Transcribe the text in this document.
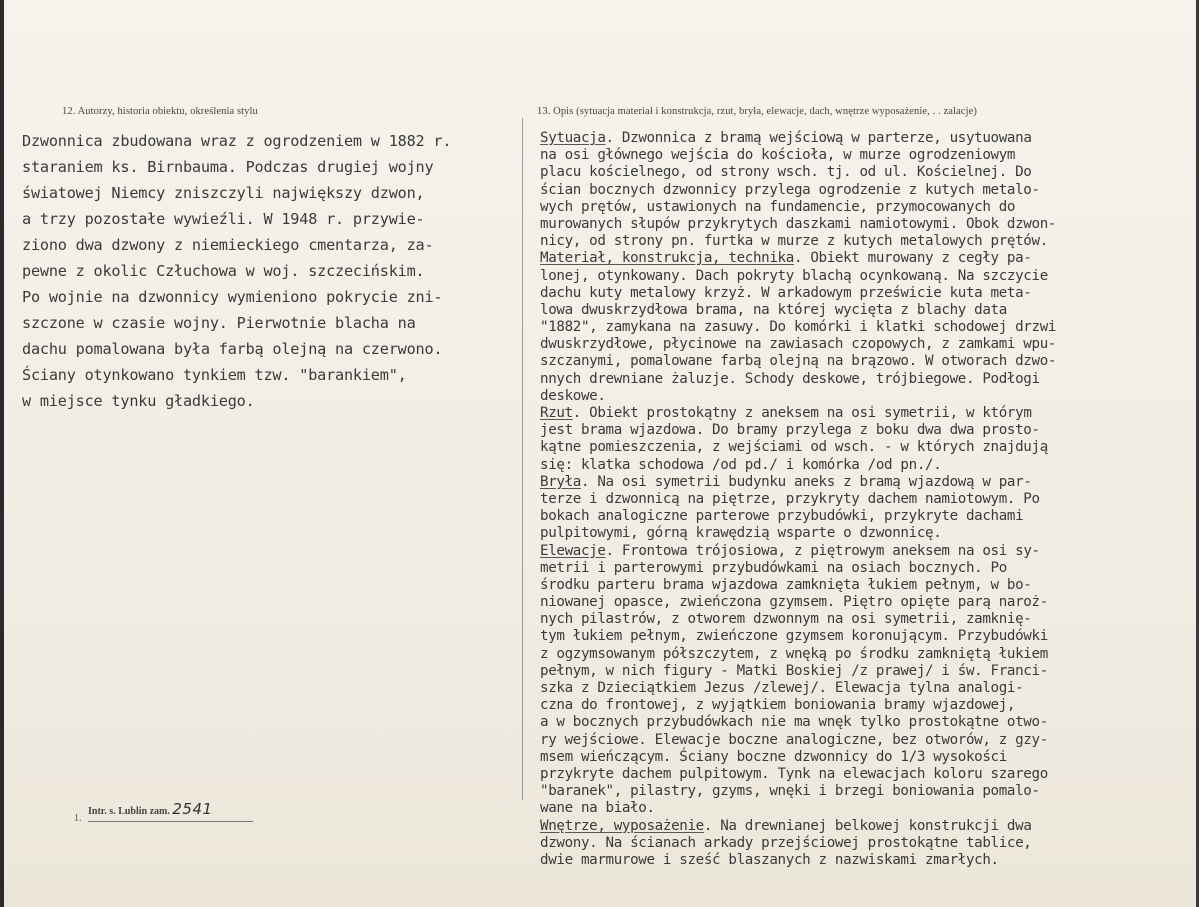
12. Autorzy, historia obiektu, określenia stylu	13. Opis (sytuacja materiał i konstrukcja, rzut, bryła, elewacje, dach, wnętrze wyposażenie, . . zalacje)
Dzwonnica zbudowana wraz z ogrodzeniem w 1882 r.
staraniem ks. Birnbauma. Podczas drugiej wojny
światowej Niemcy zniszczyli największy dzwon,
a trzy pozostałe wywieźli. W 1948 r. przywie-
ziono dwa dzwony z niemieckiego cmentarza, za-
pewne z okolic Człuchowa w woj. szczecińskim.
Po wojnie na dzwonnicy wymieniono pokrycie zni-
szczone w czasie wojny. Pierwotnie blacha na
dachu pomalowana była farbą olejną na czerwono.
Ściany otynkowano tynkiem tzw. "barankiem",
w miejsce tynku gładkiego.
Sytuacja. Dzwonnica z bramą wejściową w parterze, usytuowana
na osi głównego wejścia do kościoła, w murze ogrodzeniowym
placu kościelnego, od strony wsch. tj. od ul. Kościelnej. Do
ścian bocznych dzwonnicy przylega ogrodzenie z kutych metalo-
wych prętów, ustawionych na fundamencie, przymocowanych do
murowanych słupów przykrytych daszkami namiotowymi. Obok dzwon-
nicy, od strony pn. furtka w murze z kutych metalowych prętów.
Materiał, konstrukcja, technika. Obiekt murowany z cegły pa-
lonej, otynkowany. Dach pokryty blachą ocynkowaną. Na szczycie
dachu kuty metalowy krzyż. W arkadowym prześwicie kuta meta-
lowa dwuskrzydłowa brama, na której wycięta z blachy data
"1882", zamykana na zasuwy. Do komórki i klatki schodowej drzwi
dwuskrzydłowe, płycinowe na zawiasach czopowych, z zamkami wpu-
szczanymi, pomalowane farbą olejną na brązowo. W otworach dzwo-
nnych drewniane żaluzje. Schody deskowe, trójbiegowe. Podłogi
deskowe.
Rzut. Obiekt prostokątny z aneksem na osi symetrii, w którym
jest brama wjazdowa. Do bramy przylega z boku dwa dwa prosto-
kątne pomieszczenia, z wejściami od wsch. - w których znajdują
się: klatka schodowa /od pd./ i komórka /od pn./.
Bryła. Na osi symetrii budynku aneks z bramą wjazdową w par-
terze i dzwonnicą na piętrze, przykryty dachem namiotowym. Po
bokach analogiczne parterowe przybudówki, przykryte dachami
pulpitowymi, górną krawędzią wsparte o dzwonnicę.
Elewacje. Frontowa trójosiowa, z piętrowym aneksem na osi sy-
metrii i parterowymi przybudówkami na osiach bocznych. Po
środku parteru brama wjazdowa zamknięta łukiem pełnym, w bo-
niowanej opasce, zwieńczona gzymsem. Piętro opięte parą naroż-
nych pilastrów, z otworem dzwonnym na osi symetrii, zamknię-
tym łukiem pełnym, zwieńczone gzymsem koronującym. Przybudówki
z ogzymsowanym półszczytem, z wnęką po środku zamkniętą łukiem
pełnym, w nich figury - Matki Boskiej /z prawej/ i św. Franci-
szka z Dzieciątkiem Jezus /zlewej/. Elewacja tylna analogi-
czna do frontowej, z wyjątkiem boniowania bramy wjazdowej,
a w bocznych przybudówkach nie ma wnęk tylko prostokątne otwo-
ry wejściowe. Elewacje boczne analogiczne, bez otworów, z gzy-
msem wieńczącym. Ściany boczne dzwonnicy do 1/3 wysokości
przykryte dachem pulpitowym. Tynk na elewacjach koloru szarego
"baranek", pilastry, gzyms, wnęki i brzegi boniowania pomalo-
wane na biało.
Wnętrze, wyposażenie. Na drewnianej belkowej konstrukcji dwa
dzwony. Na ścianach arkady przejściowej prostokątne tablice,
dwie marmurowe i sześć blaszanych z nazwiskami zmarłych.
1.
Intr. s. Lublin zam. 2541
